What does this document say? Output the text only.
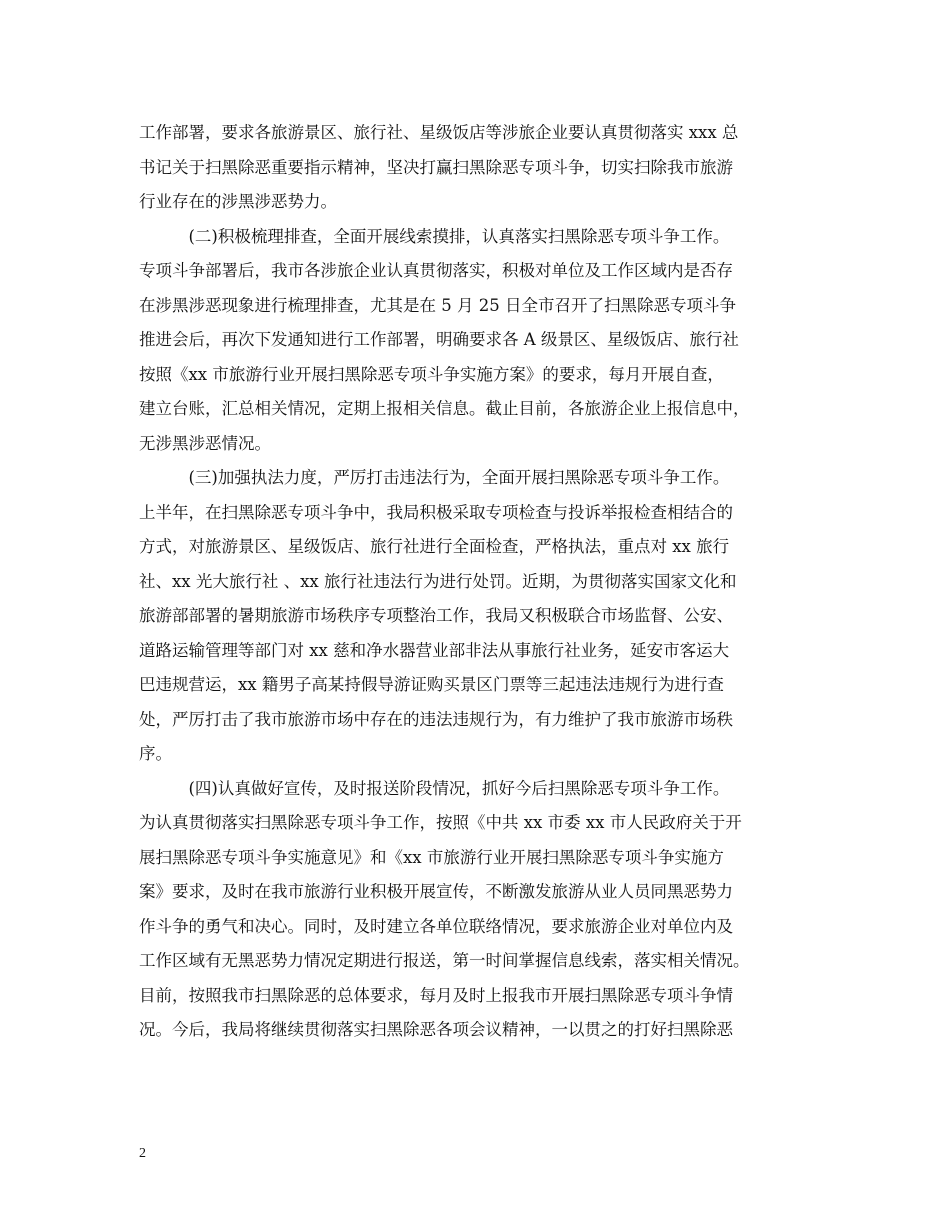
工作部署，要求各旅游景区、旅行社、星级饭店等涉旅企业要认真贯彻落实 xxx 总
书记关于扫黑除恶重要指示精神，坚决打赢扫黑除恶专项斗争，切实扫除我市旅游
行业存在的涉黑涉恶势力。
　　　(二)积极梳理排查，全面开展线索摸排，认真落实扫黑除恶专项斗争工作。
专项斗争部署后，我市各涉旅企业认真贯彻落实，积极对单位及工作区域内是否存
在涉黑涉恶现象进行梳理排查，尤其是在 5 月 25 日全市召开了扫黑除恶专项斗争
推进会后，再次下发通知进行工作部署，明确要求各 A 级景区、星级饭店、旅行社
按照《xx 市旅游行业开展扫黑除恶专项斗争实施方案》的要求，每月开展自查，
建立台账，汇总相关情况，定期上报相关信息。截止目前，各旅游企业上报信息中，
无涉黑涉恶情况。
　　　(三)加强执法力度，严厉打击违法行为，全面开展扫黑除恶专项斗争工作。
上半年，在扫黑除恶专项斗争中，我局积极采取专项检查与投诉举报检查相结合的
方式，对旅游景区、星级饭店、旅行社进行全面检查，严格执法，重点对 xx 旅行
社、xx 光大旅行社 、xx 旅行社违法行为进行处罚。近期，为贯彻落实国家文化和
旅游部部署的暑期旅游市场秩序专项整治工作，我局又积极联合市场监督、公安、
道路运输管理等部门对 xx 慈和净水器营业部非法从事旅行社业务，延安市客运大
巴违规营运，xx 籍男子高某持假导游证购买景区门票等三起违法违规行为进行查
处，严厉打击了我市旅游市场中存在的违法违规行为，有力维护了我市旅游市场秩
序。
　　　(四)认真做好宣传，及时报送阶段情况，抓好今后扫黑除恶专项斗争工作。
为认真贯彻落实扫黑除恶专项斗争工作，按照《中共 xx 市委 xx 市人民政府关于开
展扫黑除恶专项斗争实施意见》和《xx 市旅游行业开展扫黑除恶专项斗争实施方
案》要求，及时在我市旅游行业积极开展宣传，不断激发旅游从业人员同黑恶势力
作斗争的勇气和决心。同时，及时建立各单位联络情况，要求旅游企业对单位内及
工作区域有无黑恶势力情况定期进行报送，第一时间掌握信息线索，落实相关情况。
目前，按照我市扫黑除恶的总体要求，每月及时上报我市开展扫黑除恶专项斗争情
况。今后，我局将继续贯彻落实扫黑除恶各项会议精神，一以贯之的打好扫黑除恶
2
